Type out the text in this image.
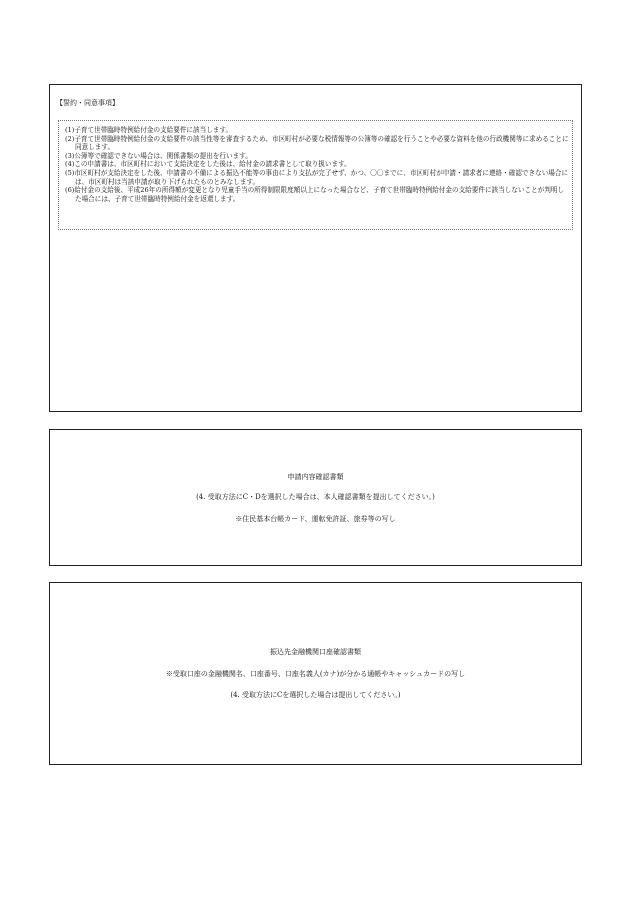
【誓約・同意事項】
(1)子育て世帯臨時特例給付金の支給要件に該当します。
(2)子育て世帯臨時特例給付金の支給要件の該当性等を審査するため、市区町村が必要な税情報等の公簿等の確認を行うことや必要な資料を他の行政機関等に求めることに同意します。
(3)公簿等で確認できない場合は、関係書類の提出を行います。
(4)この申請書は、市区町村において支給決定をした後は、給付金の請求書として取り扱います。
(5)市区町村が支給決定をした後、申請書の不備による振込不能等の事由により支払が完了せず、かつ、〇〇までに、市区町村が申請・請求者に連絡・確認できない場合には、市区町村は当該申請が取り下げられたものとみなします。
(6)給付金の支給後、平成26年の所得額が変更となり児童手当の所得制限限度額以上になった場合など、子育て世帯臨時特例給付金の支給要件に該当しないことが判明した場合には、子育て世帯臨時特例給付金を返還します。
申請内容確認書類
(4. 受取方法にC・Dを選択した場合は、本人確認書類を提出してください。)
※住民基本台帳カード、運転免許証、旅券等の写し
振込先金融機関口座確認書類
※受取口座の金融機関名、口座番号、口座名義人(カナ)が分かる通帳やキャッシュカードの写し
(4. 受取方法にCを選択した場合は提出してください。)
